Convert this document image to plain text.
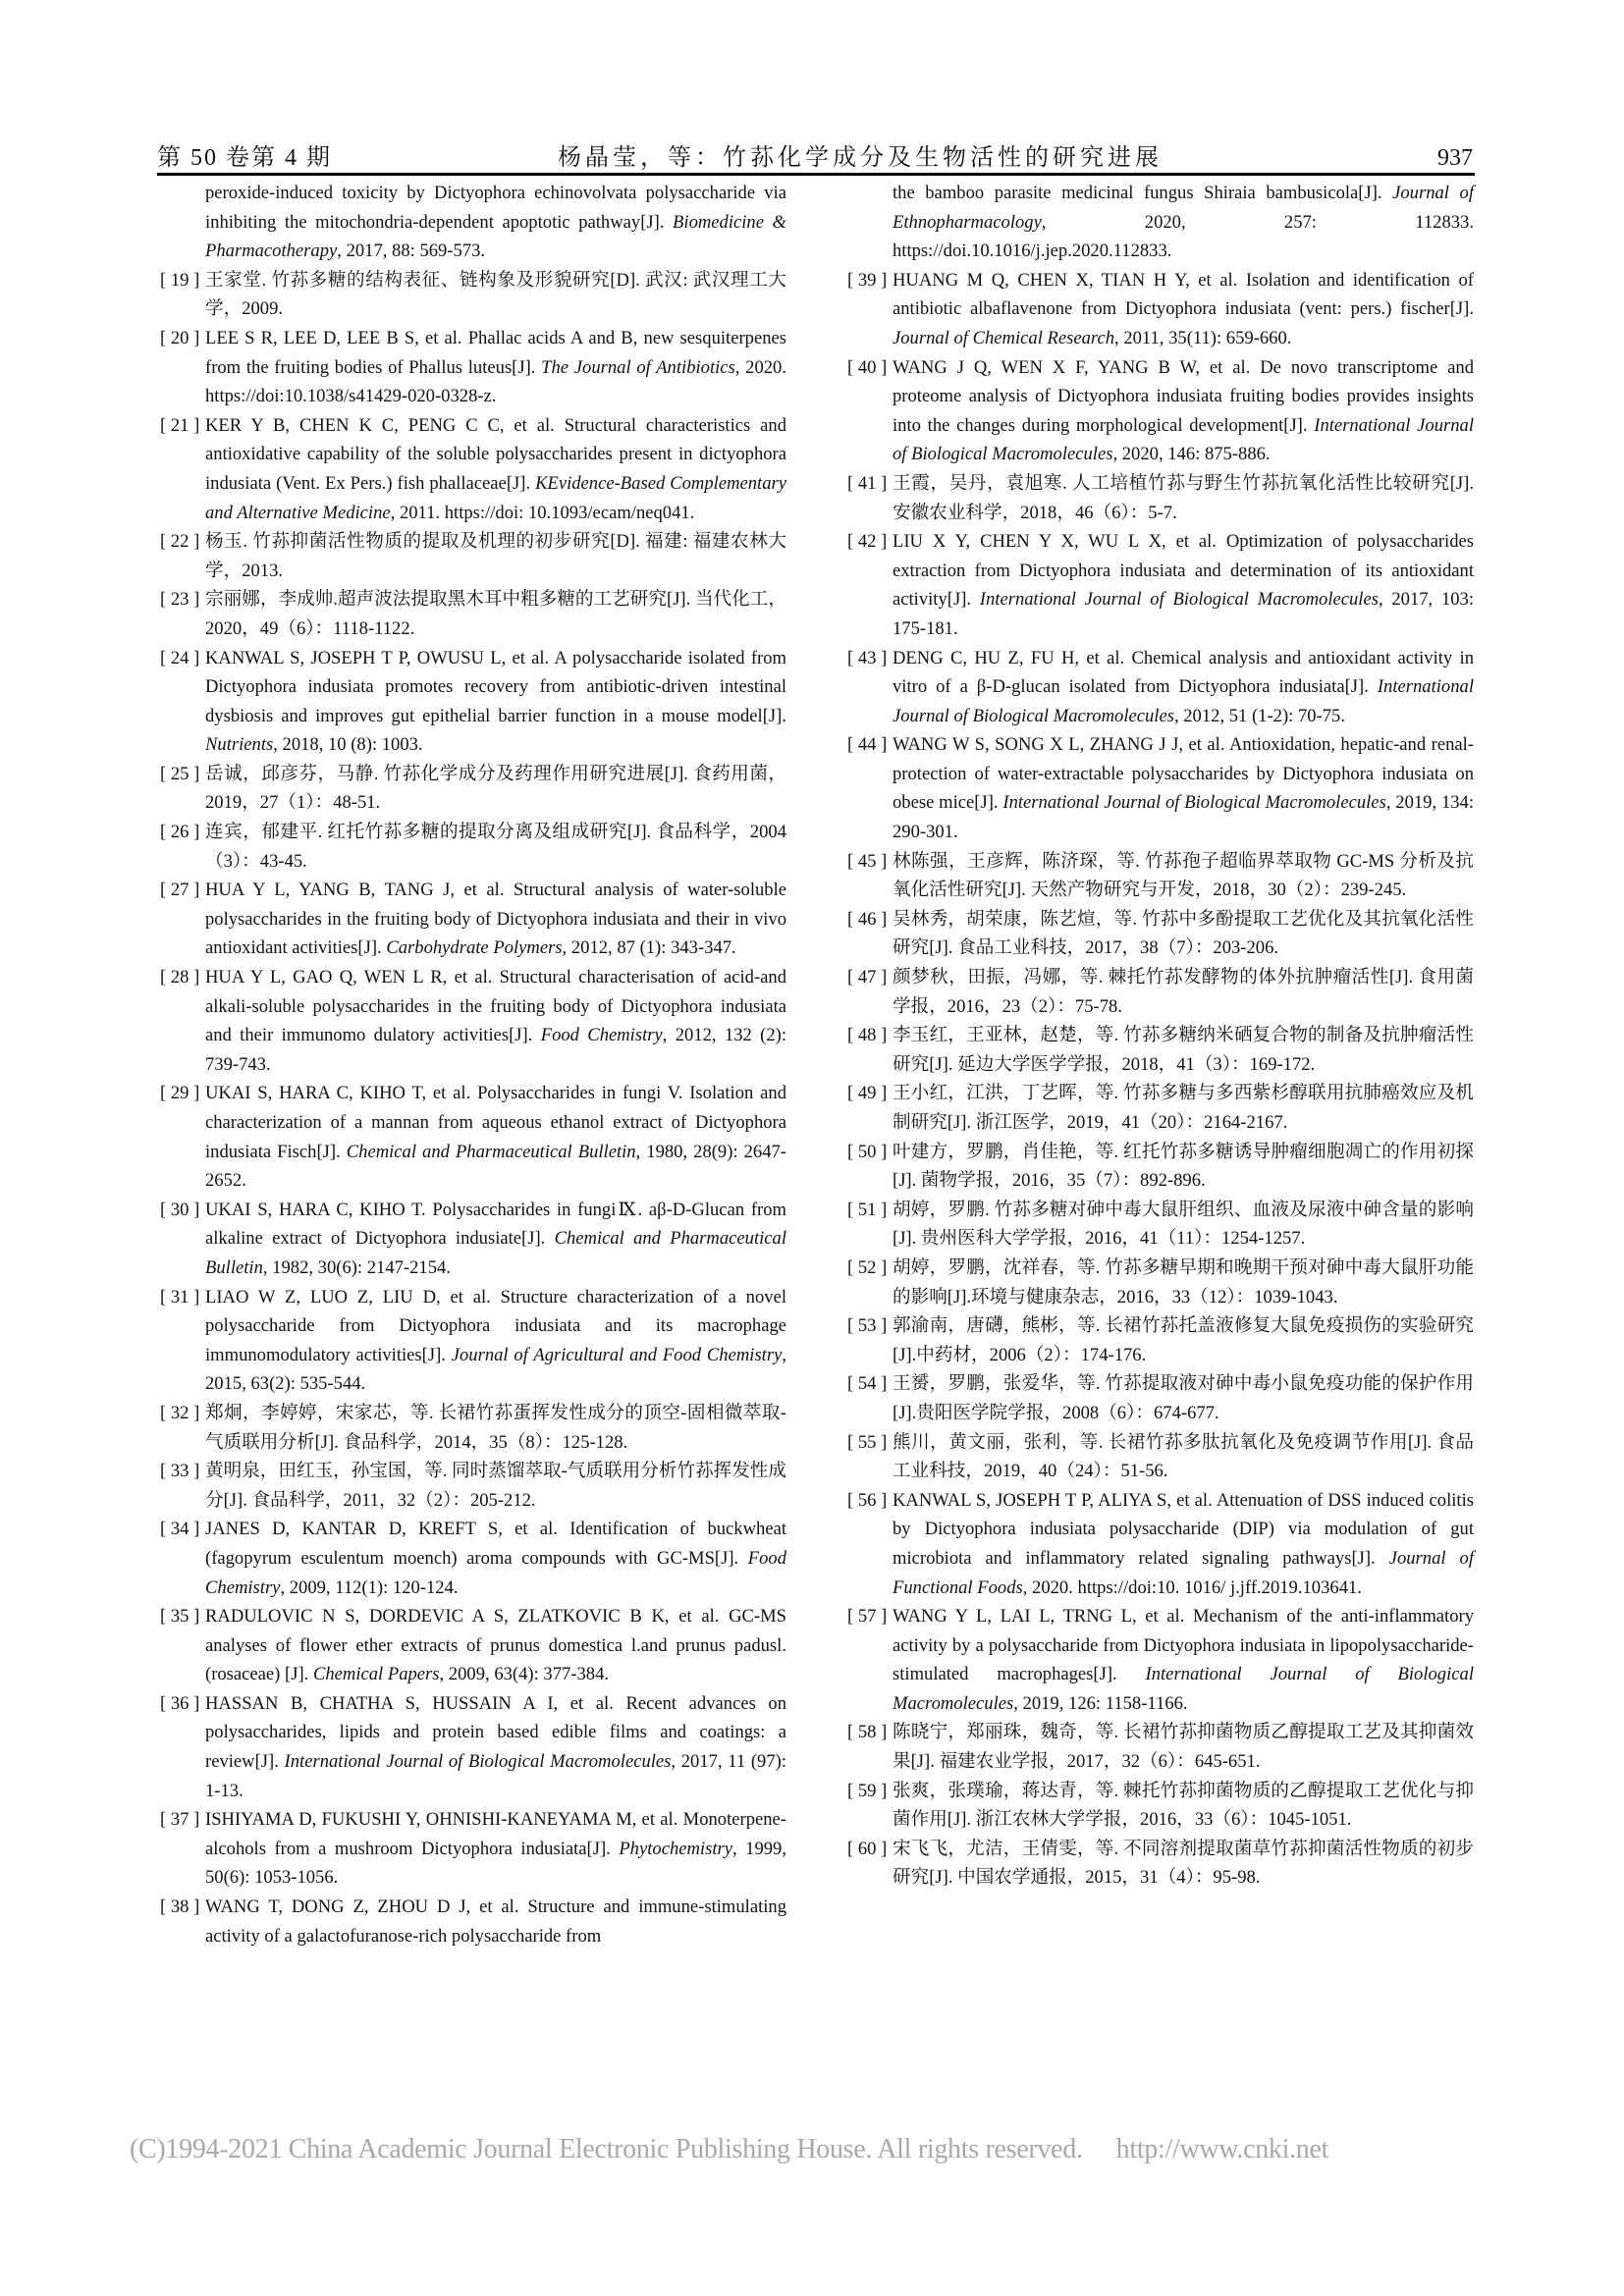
第 50 卷第 4 期	杨晶莹，等：竹荪化学成分及生物活性的研究进展	937
peroxide-induced toxicity by Dictyophora echinovolvata polysaccharide via inhibiting the mitochondria-dependent apoptotic pathway[J]. Biomedicine & Pharmacotherapy, 2017, 88: 569-573.
[ 19 ] 王家堂. 竹荪多糖的结构表征、链构象及形貌研究[D]. 武汉: 武汉理工大学，2009.
[ 20 ] LEE S R, LEE D, LEE B S, et al. Phallac acids A and B, new sesquiterpenes from the fruiting bodies of Phallus luteus[J]. The Journal of Antibiotics, 2020. https://doi:10.1038/s41429-020-0328-z.
[ 21 ] KER Y B, CHEN K C, PENG C C, et al. Structural characteristics and antioxidative capability of the soluble polysaccharides present in dictyophora indusiata (Vent. Ex Pers.) fish phallaceae[J]. KEvidence-Based Complementary and Alternative Medicine, 2011. https://doi: 10.1093/ecam/neq041.
[ 22 ] 杨玉. 竹荪抑菌活性物质的提取及机理的初步研究[D]. 福建: 福建农林大学，2013.
[ 23 ] 宗丽娜，李成帅.超声波法提取黑木耳中粗多糖的工艺研究[J]. 当代化工，2020，49（6）：1118-1122.
[ 24 ] KANWAL S, JOSEPH T P, OWUSU L, et al. A polysaccharide isolated from Dictyophora indusiata promotes recovery from antibiotic-driven intestinal dysbiosis and improves gut epithelial barrier function in a mouse model[J]. Nutrients, 2018, 10 (8): 1003.
[ 25 ] 岳诚，邱彦芬，马静. 竹荪化学成分及药理作用研究进展[J]. 食药用菌，2019，27（1）：48-51.
[ 26 ] 连宾，郁建平. 红托竹荪多糖的提取分离及组成研究[J]. 食品科学，2004（3）：43-45.
[ 27 ] HUA Y L, YANG B, TANG J, et al. Structural analysis of water-soluble polysaccharides in the fruiting body of Dictyophora indusiata and their in vivo antioxidant activities[J]. Carbohydrate Polymers, 2012, 87 (1): 343-347.
[ 28 ] HUA Y L, GAO Q, WEN L R, et al. Structural characterisation of acid-and alkali-soluble polysaccharides in the fruiting body of Dictyophora indusiata and their immunomo dulatory activities[J]. Food Chemistry, 2012, 132 (2): 739-743.
[ 29 ] UKAI S, HARA C, KIHO T, et al. Polysaccharides in fungi V. Isolation and characterization of a mannan from aqueous ethanol extract of Dictyophora indusiata Fisch[J]. Chemical and Pharmaceutical Bulletin, 1980, 28(9): 2647-2652.
[ 30 ] UKAI S, HARA C, KIHO T. Polysaccharides in fungiⅨ. aβ-D-Glucan from alkaline extract of Dictyophora indusiate[J]. Chemical and Pharmaceutical Bulletin, 1982, 30(6): 2147-2154.
[ 31 ] LIAO W Z, LUO Z, LIU D, et al. Structure characterization of a novel polysaccharide from Dictyophora indusiata and its macrophage immunomodulatory activities[J]. Journal of Agricultural and Food Chemistry, 2015, 63(2): 535-544.
[ 32 ] 郑炯，李婷婷，宋家芯，等. 长裙竹荪蛋挥发性成分的顶空-固相微萃取-气质联用分析[J]. 食品科学，2014，35（8）：125-128.
[ 33 ] 黄明泉，田红玉，孙宝国，等. 同时蒸馏萃取-气质联用分析竹荪挥发性成分[J]. 食品科学，2011，32（2）：205-212.
[ 34 ] JANES D, KANTAR D, KREFT S, et al. Identification of buckwheat (fagopyrum esculentum moench) aroma compounds with GC-MS[J]. Food Chemistry, 2009, 112(1): 120-124.
[ 35 ] RADULOVIC N S, DORDEVIC A S, ZLATKOVIC B K, et al. GC-MS analyses of flower ether extracts of prunus domestica l.and prunus padusl. (rosaceae) [J]. Chemical Papers, 2009, 63(4): 377-384.
[ 36 ] HASSAN B, CHATHA S, HUSSAIN A I, et al. Recent advances on polysaccharides, lipids and protein based edible films and coatings: a review[J]. International Journal of Biological Macromolecules, 2017, 11 (97): 1-13.
[ 37 ] ISHIYAMA D, FUKUSHI Y, OHNISHI-KANEYAMA M, et al. Monoterpene-alcohols from a mushroom Dictyophora indusiata[J]. Phytochemistry, 1999, 50(6): 1053-1056.
[ 38 ] WANG T, DONG Z, ZHOU D J, et al. Structure and immune-stimulating activity of a galactofuranose-rich polysaccharide from
the bamboo parasite medicinal fungus Shiraia bambusicola[J]. Journal of Ethnopharmacology, 2020, 257: 112833. https://doi.10.1016/j.jep.2020.112833.
[ 39 ] HUANG M Q, CHEN X, TIAN H Y, et al. Isolation and identification of antibiotic albaflavenone from Dictyophora indusiata (vent: pers.) fischer[J]. Journal of Chemical Research, 2011, 35(11): 659-660.
[ 40 ] WANG J Q, WEN X F, YANG B W, et al. De novo transcriptome and proteome analysis of Dictyophora indusiata fruiting bodies provides insights into the changes during morphological development[J]. International Journal of Biological Macromolecules, 2020, 146: 875-886.
[ 41 ] 王霞，吴丹，袁旭寒. 人工培植竹荪与野生竹荪抗氧化活性比较研究[J]. 安徽农业科学，2018，46（6）：5-7.
[ 42 ] LIU X Y, CHEN Y X, WU L X, et al. Optimization of polysaccharides extraction from Dictyophora indusiata and determination of its antioxidant activity[J]. International Journal of Biological Macromolecules, 2017, 103: 175-181.
[ 43 ] DENG C, HU Z, FU H, et al. Chemical analysis and antioxidant activity in vitro of a β-D-glucan isolated from Dictyophora indusiata[J]. International Journal of Biological Macromolecules, 2012, 51 (1-2): 70-75.
[ 44 ] WANG W S, SONG X L, ZHANG J J, et al. Antioxidation, hepatic-and renal-protection of water-extractable polysaccharides by Dictyophora indusiata on obese mice[J]. International Journal of Biological Macromolecules, 2019, 134: 290-301.
[ 45 ] 林陈强，王彦辉，陈济琛，等. 竹荪孢子超临界萃取物 GC-MS 分析及抗氧化活性研究[J]. 天然产物研究与开发，2018，30（2）：239-245.
[ 46 ] 吴林秀，胡荣康，陈艺煊，等. 竹荪中多酚提取工艺优化及其抗氧化活性研究[J]. 食品工业科技，2017，38（7）：203-206.
[ 47 ] 颜梦秋，田振，冯娜，等. 棘托竹荪发酵物的体外抗肿瘤活性[J]. 食用菌学报，2016，23（2）：75-78.
[ 48 ] 李玉红，王亚林，赵楚，等. 竹荪多糖纳米硒复合物的制备及抗肿瘤活性研究[J]. 延边大学医学学报，2018，41（3）：169-172.
[ 49 ] 王小红，江洪，丁艺晖，等. 竹荪多糖与多西紫杉醇联用抗肺癌效应及机制研究[J]. 浙江医学，2019，41（20）：2164-2167.
[ 50 ] 叶建方，罗鹏，肖佳艳，等. 红托竹荪多糖诱导肿瘤细胞凋亡的作用初探[J]. 菌物学报，2016，35（7）：892-896.
[ 51 ] 胡婷，罗鹏. 竹荪多糖对砷中毒大鼠肝组织、血液及尿液中砷含量的影响[J]. 贵州医科大学学报，2016，41（11）：1254-1257.
[ 52 ] 胡婷，罗鹏，沈祥春，等. 竹荪多糖早期和晚期干预对砷中毒大鼠肝功能的影响[J].环境与健康杂志，2016，33（12）：1039-1043.
[ 53 ] 郭渝南，唐礴，熊彬，等. 长裙竹荪托盖液修复大鼠免疫损伤的实验研究[J].中药材，2006（2）：174-176.
[ 54 ] 王赟，罗鹏，张爱华，等. 竹荪提取液对砷中毒小鼠免疫功能的保护作用[J].贵阳医学院学报，2008（6）：674-677.
[ 55 ] 熊川，黄文丽，张利，等. 长裙竹荪多肽抗氧化及免疫调节作用[J]. 食品工业科技，2019，40（24）：51-56.
[ 56 ] KANWAL S, JOSEPH T P, ALIYA S, et al. Attenuation of DSS induced colitis by Dictyophora indusiata polysaccharide (DIP) via modulation of gut microbiota and inflammatory related signaling pathways[J]. Journal of Functional Foods, 2020. https://doi:10. 1016/ j.jff.2019.103641.
[ 57 ] WANG Y L, LAI L, TRNG L, et al. Mechanism of the anti-inflammatory activity by a polysaccharide from Dictyophora indusiata in lipopolysaccharide-stimulated macrophages[J]. International Journal of Biological Macromolecules, 2019, 126: 1158-1166.
[ 58 ] 陈晓宁，郑丽珠，魏奇，等. 长裙竹荪抑菌物质乙醇提取工艺及其抑菌效果[J]. 福建农业学报，2017，32（6）：645-651.
[ 59 ] 张爽，张璞瑜，蒋达青，等. 棘托竹荪抑菌物质的乙醇提取工艺优化与抑菌作用[J]. 浙江农林大学学报，2016，33（6）：1045-1051.
[ 60 ] 宋飞飞，尤洁，王倩雯，等. 不同溶剂提取菌草竹荪抑菌活性物质的初步研究[J]. 中国农学通报，2015，31（4）：95-98.
(C)1994-2021 China Academic Journal Electronic Publishing House. All rights reserved. http://www.cnki.net
